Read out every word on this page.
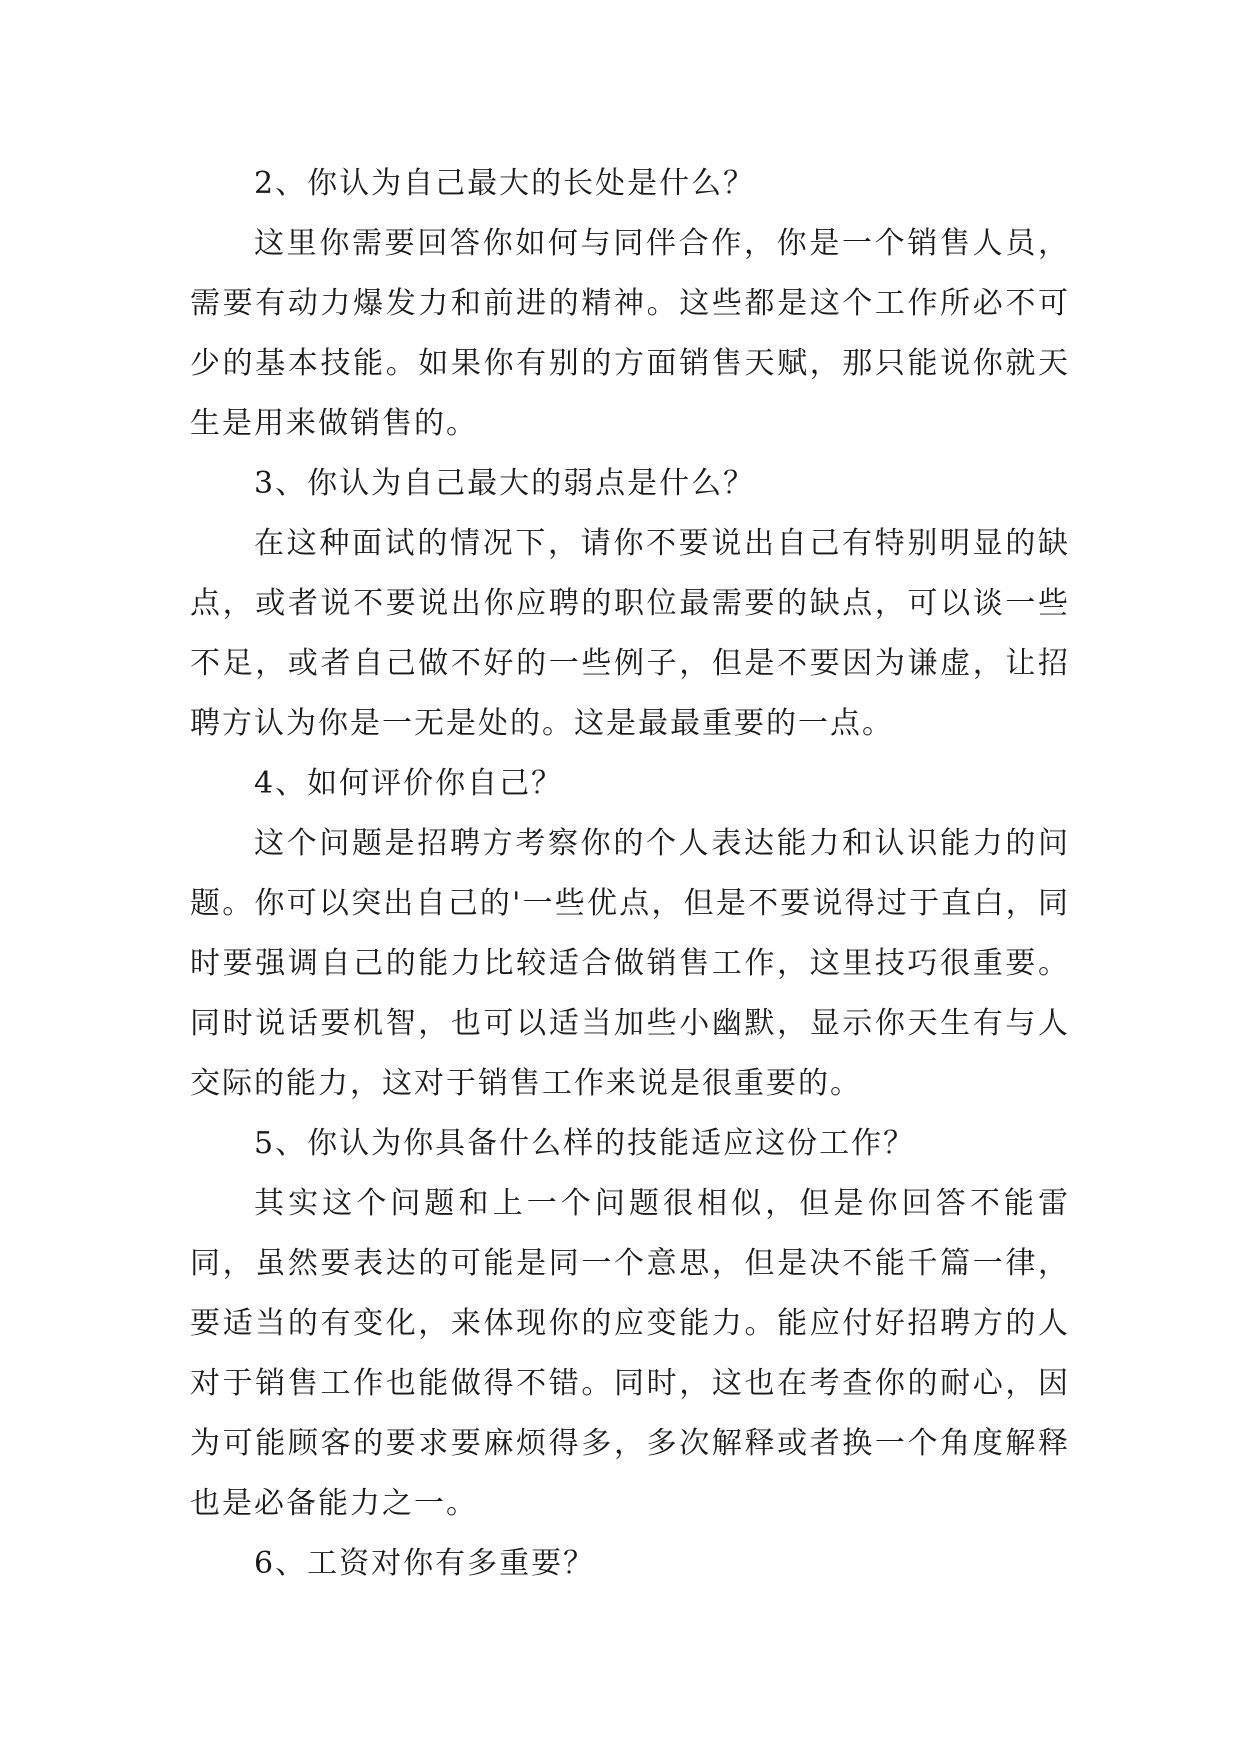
2、你认为自己最大的长处是什么？

这里你需要回答你如何与同伴合作，你是一个销售人员，需要有动力爆发力和前进的精神。这些都是这个工作所必不可少的基本技能。如果你有别的方面销售天赋，那只能说你就天生是用来做销售的。

3、你认为自己最大的弱点是什么？

在这种面试的情况下，请你不要说出自己有特别明显的缺点，或者说不要说出你应聘的职位最需要的缺点，可以谈一些不足，或者自己做不好的一些例子，但是不要因为谦虚，让招聘方认为你是一无是处的。这是最最重要的一点。

4、如何评价你自己？

这个问题是招聘方考察你的个人表达能力和认识能力的问题。你可以突出自己的'一些优点，但是不要说得过于直白，同时要强调自己的能力比较适合做销售工作，这里技巧很重要。同时说话要机智，也可以适当加些小幽默，显示你天生有与人交际的能力，这对于销售工作来说是很重要的。

5、你认为你具备什么样的技能适应这份工作？

其实这个问题和上一个问题很相似，但是你回答不能雷同，虽然要表达的可能是同一个意思，但是决不能千篇一律，要适当的有变化，来体现你的应变能力。能应付好招聘方的人对于销售工作也能做得不错。同时，这也在考查你的耐心，因为可能顾客的要求要麻烦得多，多次解释或者换一个角度解释也是必备能力之一。

6、工资对你有多重要？
